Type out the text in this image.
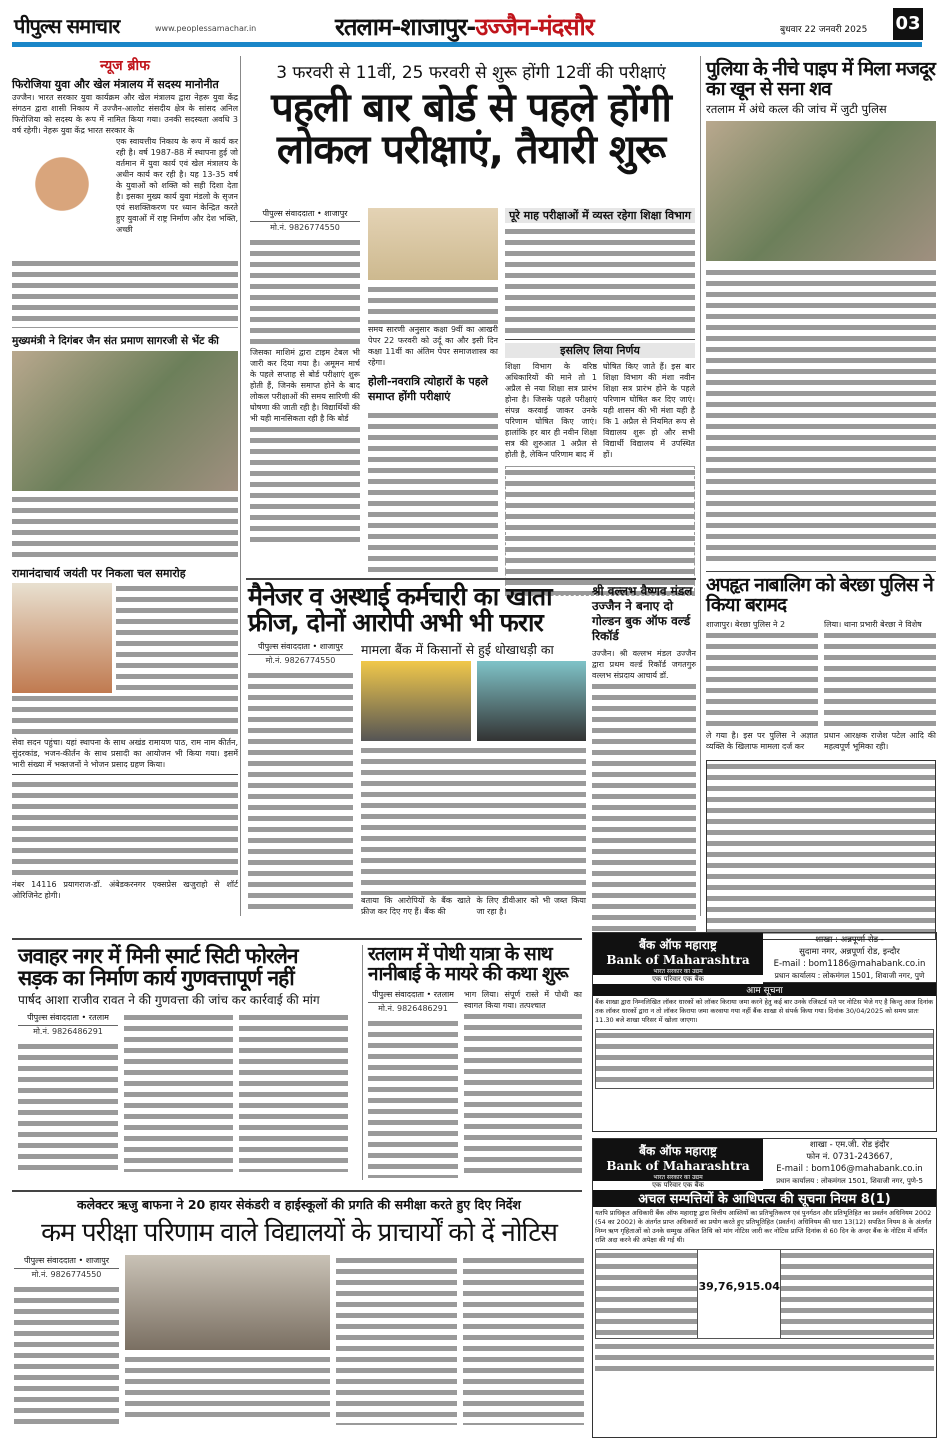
पीपुल्स समाचार	www.peoplessamachar.in	रतलाम-शाजापुर-उज्जैन-मंदसौर	बुधवार 22 जनवरी 2025 03
न्यूज ब्रीफ
फिरोजिया युवा और खेल मंत्रालय में सदस्य मानोनीत
उज्जैन। भारत सरकार युवा कार्यक्रम और खेल मंत्रालय द्वारा नेहरू युवा केंद्र संगठन द्वारा शासी निकाय में उज्जैन-आलोट संसदीय क्षेत्र के सांसद अनिल फिरोजिया को सदस्य के रूप में नामित किया गया। उनकी सदस्यता अवधि 3 वर्ष रहेगी। नेहरू युवा केंद्र भारत सरकार के
एक स्वायत्तीय निकाय के रूप में कार्य कर रही है। वर्ष 1987-88 में स्थापना हुई जो वर्तमान में युवा कार्य एवं खेल मंत्रालय के अधीन कार्य कर रही है। यह 13-35 वर्ष के युवाओं को शक्ति को सही दिशा देता है। इसका मुख्य कार्य युवा मंडलो के सृजन एवं सशक्तिकरण पर ध्यान केन्द्रित करते हुए युवाओं में राष्ट्र निर्माण और देश भक्ति, अच्छी
मुख्यमंत्री ने दिगंबर जैन संत प्रमाण सागरजी से भेंट की
रामानंदाचार्य जयंती पर निकला चल समारोह
सेवा सदन पहुंचा। यहां स्थापना के साथ अखंड रामायण पाठ, राम नाम कीर्तन, सुंदरकांड, भजन-कीर्तन के साथ प्रसादी का आयोजन भी किया गया। इसमें भारी संख्या में भक्तजनों ने भोजन प्रसाद ग्रहण किया।
नंबर 14116 प्रयागराज-डॉ. अंबेडकरनगर एक्सप्रेस खजुराहो से शॉर्ट ओरिजिनेट होगी।
3 फरवरी से 11वीं, 25 फरवरी से शुरू होंगी 12वीं की परीक्षाएं
पहली बार बोर्ड से पहले होंगी
लोकल परीक्षाएं, तैयारी शुरू
पीपुल्स संवाददाता • शाजापुर
मो.नं. 9826774550
जिसका माशिमं द्वारा टाइम टेबल भी जारी कर दिया गया है। अमूमन मार्च के पहले सप्ताह से बोर्ड परीक्षाएं शुरू होती हैं, जिनके समाप्त होने के बाद लोकल परीक्षाओं की समय सारिणी की घोषणा की जाती रही है। विद्यार्थियों की भी यही मानसिकता रही है कि बोर्ड
समय सारणी अनुसार कक्षा 9वीं का आखरी पेपर 22 फरवरी को उर्दू का और इसी दिन कक्षा 11वीं का अंतिम पेपर समाजशास्त्र का रहेगा।
होली-नवरात्रि त्योहारों के पहले समाप्त होंगी परीक्षाएं
पूरे माह परीक्षाओं में व्यस्त रहेगा शिक्षा विभाग
इसलिए लिया निर्णय
शिक्षा विभाग के वरिष्ठ अधिकारियों की माने तो 1 अप्रैल से नया शिक्षा सत्र प्रारंभ होना है। जिसके पहले परीक्षाएं संपन्न करवाई जाकर उनके परिणाम घोषित किए जाएं। हालांकि हर बार ही नवीन शिक्षा सत्र की शुरुआत 1 अप्रैल से होती है, लेकिन परिणाम बाद में
घोषित किए जाते हैं। इस बार शिक्षा विभाग की मंशा नवीन शिक्षा सत्र प्रारंभ होने के पहले परिणाम घोषित कर दिए जाएं। यही शासन की भी मंशा यही है कि 1 अप्रैल से नियमित रूप से विद्यालय शुरू हो और सभी विद्यार्थी विद्यालय में उपस्थित हों।
पुलिया के नीचे पाइप में मिला मजदूर का खून से सना शव
रतलाम में अंधे कत्ल की जांच में जुटी पुलिस
अपहृत नाबालिग को बेरछा पुलिस ने किया बरामद
शाजापुर। बेरछा पुलिस ने 2
ले गया है। इस पर पुलिस ने अज्ञात व्यक्ति के खिलाफ मामला दर्ज कर
लिया। थाना प्रभारी बेरछा ने विशेष
प्रधान आरक्षक राजेश पटेल आदि की महत्वपूर्ण भूमिका रही।
मैनेजर व अस्थाई कर्मचारी का खाता
फ्रीज, दोनों आरोपी अभी भी फरार
पीपुल्स संवाददाता • शाजापुर
मो.नं. 9826774550
मामला बैंक में किसानों से हुई धोखाधड़ी का
बताया कि आरोपियों के बैंक खाते फ्रीज कर दिए गए हैं। बैंक की
के लिए डीवीआर को भी जब्त किया जा रहा है।
श्री वल्लभ वैष्णव मंडल उज्जैन ने बनाए दो गोल्डन बुक ऑफ वर्ल्ड रिकॉर्ड
उज्जैन। श्री वल्लभ मंडल उज्जैन द्वारा प्रथम वर्ल्ड रिकॉर्ड जगतगुरु वल्लभ संप्रदाय आचार्य डॉ.
जवाहर नगर में मिनी स्मार्ट सिटी फोरलेन
सड़क का निर्माण कार्य गुणवत्तापूर्ण नहीं
पार्षद आशा राजीव रावत ने की गुणवत्ता की जांच कर कार्रवाई की मांग
पीपुल्स संवाददाता • रतलाम
मो.नं. 9826486291
रतलाम में पोथी यात्रा के साथ
नानीबाई के मायरे की कथा शुरू
पीपुल्स संवाददाता • रतलाम
मो.नं. 9826486291
भाग लिया। संपूर्ण रास्ते में पोथी का स्वागत किया गया। तत्पश्चात
कलेक्टर ऋजु बाफना ने 20 हायर सेकंडरी व हाईस्कूलों की प्रगति की समीक्षा करते हुए दिए निर्देश
कम परीक्षा परिणाम वाले विद्यालयों के प्राचार्यों को दें नोटिस
पीपुल्स संवाददाता • शाजापुर
मो.नं. 9826774550
बैंक ऑफ महाराष्ट्र
Bank of Maharashtra
भारत सरकार का उद्यम
एक परिवार एक बैंक
शाखा : अन्नपूर्णा रोड -
सुदामा नगर, अन्नपूर्णा रोड, इन्दौर
E-mail : bom1186@mahabank.co.in
प्रधान कार्यालय : लोकमंगल 1501, शिवाजी नगर, पुणे
आम सूचना
बैंक शाखा द्वारा निम्नलिखित लॉकर धारकों को लॉकर किराया जमा करने हेतु कई बार उनके रजिस्टर्ड पते पर नोटिस भेजे गए है किन्तु आज दिनांक तक लॉकर धारकों द्वारा न तो लॉकर किराया जमा करवाया गया नहीं बैंक शाखा से संपर्क किया गया। दिनांक 30/04/2025 को समय प्रातः 11.30 बजे शाखा परिसर में खोला जाएगा।
बैंक ऑफ महाराष्ट्र
Bank of Maharashtra
भारत सरकार का उद्यम
एक परिवार एक बैंक
शाखा - एम.जी. रोड इंदौर
फोन नं. 0731-243667,
E-mail : bom106@mahabank.co.in
प्रधान कार्यालय : लोकमंगल 1501, शिवाजी नगर, पुणे-5
अचल सम्पत्तियों के आधिपत्य की सूचना नियम 8(1)
यतपि प्राधिकृत अधिकारी बैंक ऑफ महाराष्ट्र द्वारा वित्तीय आस्तियों का प्रतिभूतिकरण एवं पुनर्गठन और प्रतिभूतिहित का प्रवर्तन अधिनियम 2002 (54 का 2002) के अंतर्गत प्राप्त अधिकारों का प्रयोग करते हुए प्रतिभूतिहित (प्रवर्तन) अधिनियम की धारा 13(12) सपठित नियम 8 के अंतर्गत निम्न ऋण गृहिताओं को उनके सम्मुख अंकित तिथि को मांग नोटिस जारी कर नोटिस प्राप्ति दिनांक से 60 दिन के अन्दर बैंक के नोटिस में वर्णित राशि अदा करने की अपेक्षा की गई थी।
39,76,915.04
